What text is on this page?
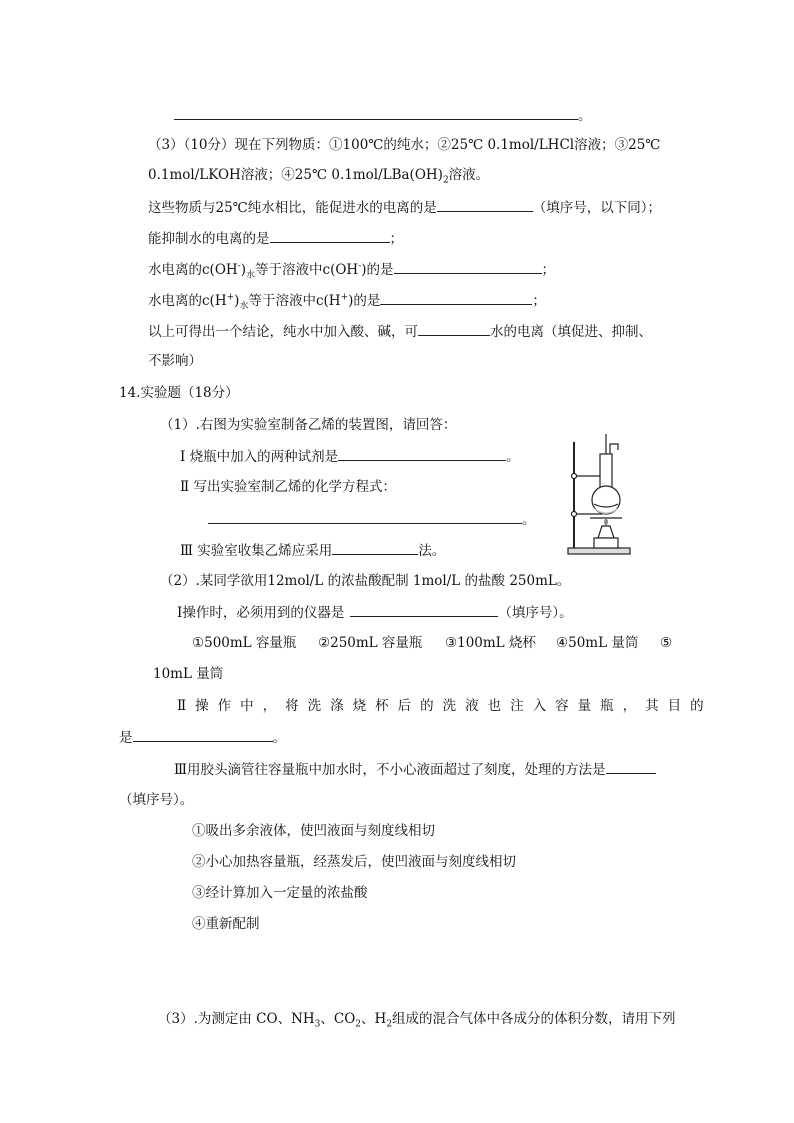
。
（3）（10分）现在下列物质：①100℃的纯水；②25℃ 0.1mol/LHCl溶液；③25℃
0.1mol/LKOH溶液；④25℃ $0.1mol/LBa(OH)_2$溶液。
这些物质与25℃纯水相比，能促进水的电离的是	（填序号，以下同）；
能抑制水的电离的是	；
水电离的$c(OH^-)_水$等于溶液中c(OH-)的是	；
水电离的$c(H^+)_水$等于溶液中c(H+)的是	；
以上可得出一个结论，纯水中加入酸、碱，可	水的电离（填促进、抑制、
不影响）
14.实验题（18分）
（1）.右图为实验室制备乙烯的装置图，请回答：
Ⅰ 烧瓶中加入的两种试剂是	。
Ⅱ 写出实验室制乙烯的化学方程式：
。
Ⅲ 实验室收集乙烯应采用	法。
（2）.某同学欲用12mol/L 的浓盐酸配制 1mol/L 的盐酸 250mL。
Ⅰ操作时，必须用到的仪器是	（填序号）。
①500mL 容量瓶 ②250mL 容量瓶 ③100mL 烧杯 ④50mL 量筒 ⑤
10mL 量筒
Ⅱ操作中，将洗涤烧杯后的洗液也注入容量瓶，其目的
是	。
Ⅲ用胶头滴管往容量瓶中加水时，不小心液面超过了刻度，处理的方法是
（填序号）。
①吸出多余液体，使凹液面与刻度线相切
②小心加热容量瓶，经蒸发后，使凹液面与刻度线相切
③经计算加入一定量的浓盐酸
④重新配制
（3）.为测定由 CO、$NH_3$、$CO_2$、$H_2$组成的混合气体中各成分的体积分数，请用下列
